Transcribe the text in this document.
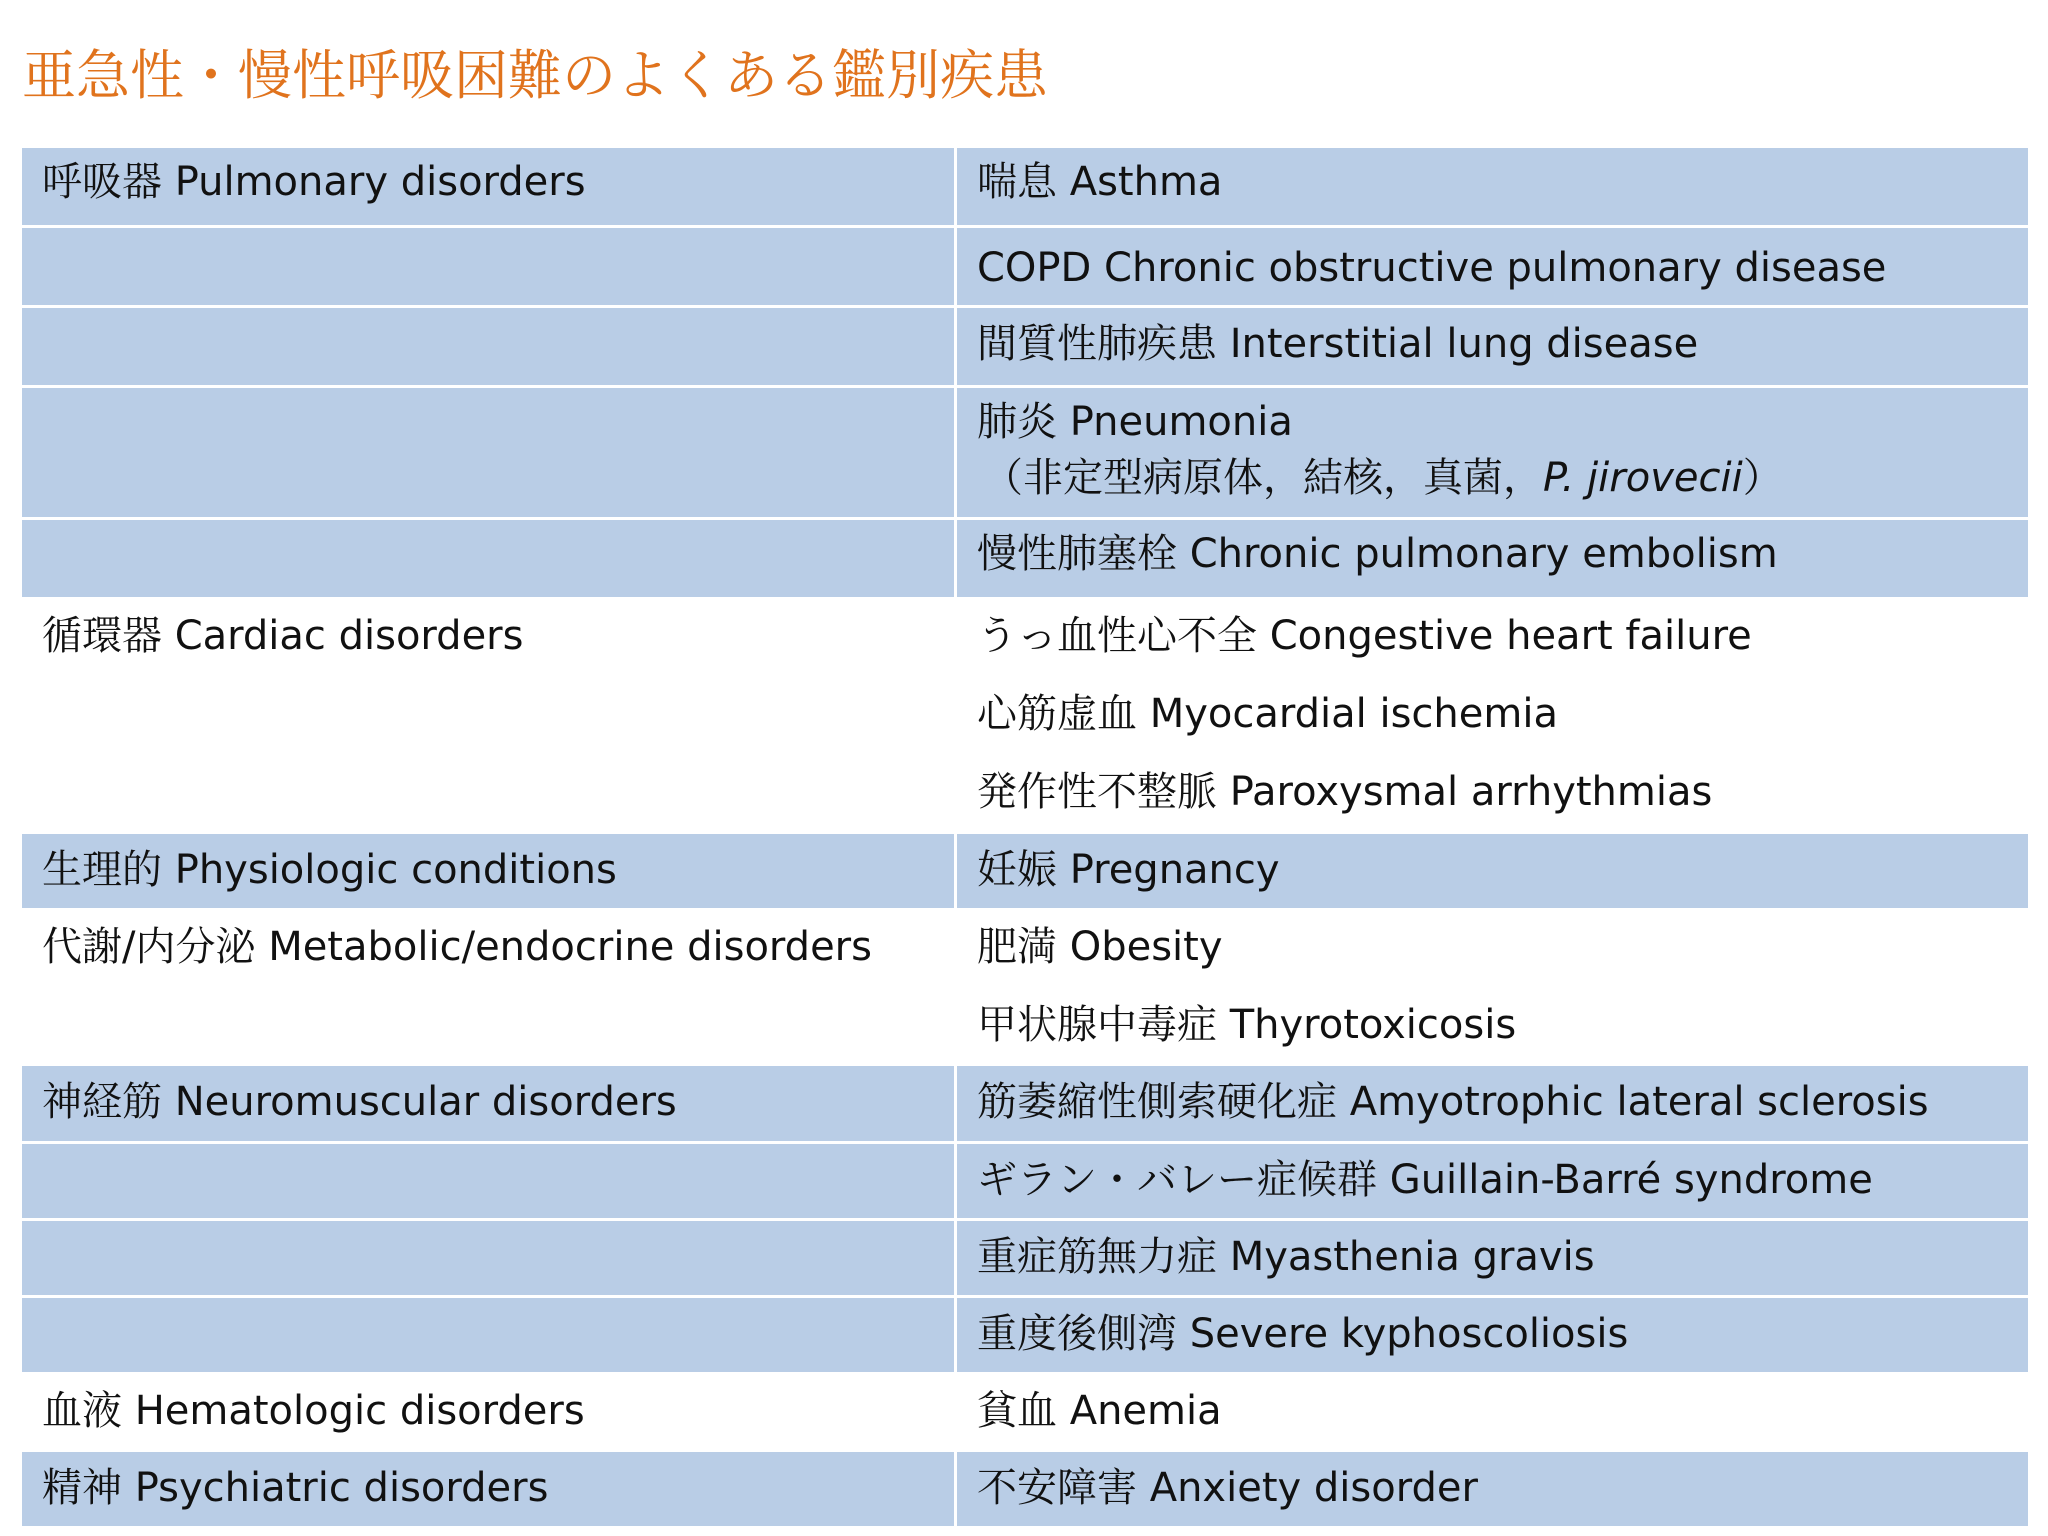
亜急性・慢性呼吸困難のよくある鑑別疾患
呼吸器 Pulmonary disorders	喘息 Asthma
COPD Chronic obstructive pulmonary disease
間質性肺疾患 Interstitial lung disease
肺炎 Pneumonia
（非定型病原体，結核，真菌，P. jirovecii）
慢性肺塞栓 Chronic pulmonary embolism
循環器 Cardiac disorders	うっ血性心不全 Congestive heart failure
心筋虚血 Myocardial ischemia
発作性不整脈 Paroxysmal arrhythmias
生理的 Physiologic conditions	妊娠 Pregnancy
代謝/内分泌 Metabolic/endocrine disorders	肥満 Obesity
甲状腺中毒症 Thyrotoxicosis
神経筋 Neuromuscular disorders	筋萎縮性側索硬化症 Amyotrophic lateral sclerosis
ギラン・バレー症候群 Guillain-Barré syndrome
重症筋無力症 Myasthenia gravis
重度後側湾 Severe kyphoscoliosis
血液 Hematologic disorders	貧血 Anemia
精神 Psychiatric disorders	不安障害 Anxiety disorder
